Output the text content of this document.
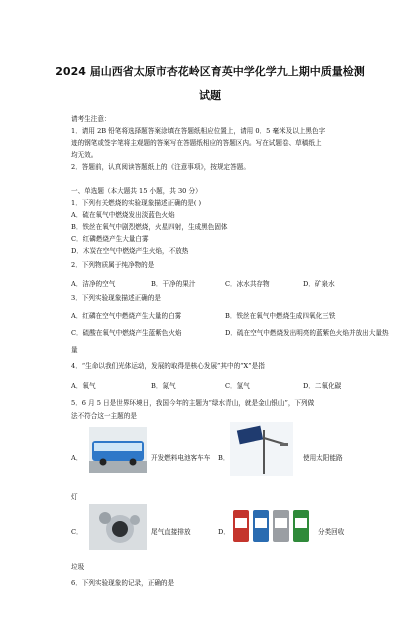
2024 届山西省太原市杏花岭区育英中学化学九上期中质量检测
试题
请考生注意：
1．请用 2B 铅笔将选择题答案涂填在答题纸相应位置上，请用 0．5 毫米及以上黑色字
迹的钢笔或签字笔将主观题的答案写在答题纸相应的答题区内。写在试题卷、草稿纸上
均无效。
2．答题前，认真阅读答题纸上的《注意事项》，按规定答题。
一、单选题（本大题共 15 小题，共 30 分）
1．下列有关燃烧的实验现象描述正确的是( )
A．硫在氧气中燃烧发出淡蓝色火焰
B．铁丝在氧气中剧烈燃烧，火星四射，生成黑色固体
C．红磷燃烧产生大量白雾
D．木炭在空气中燃烧产生火焰，不放热
2．下列物质属于纯净物的是
A．洁净的空气	B．干净的果汁	C．冰水共存物	D．矿泉水
3．下列实验现象描述正确的是
A．红磷在空气中燃烧产生大量的白雾	B．铁丝在氧气中燃烧生成四氧化三铁
C．硫酸在氧气中燃烧产生蓝紫色火焰	D．硫在空气中燃烧发出明亮的蓝紫色火焰并放出大量热
量
4．“生命以我们光体运动，发展的取得是核心发展”其中的“X”是指
A．氧气	B．氮气	C．氢气	D．二氧化碳
5．6 月 5 日是世界环境日，我国今年的主题为“绿水青山，就是金山银山”，下列做
法不符合这一主题的是
A．	开发燃料电池客车车 B．	使用太阳能路
灯
C．	尾气直接排放	D．	分类回收
垃圾
6．下列实验现象的记录，正确的是
